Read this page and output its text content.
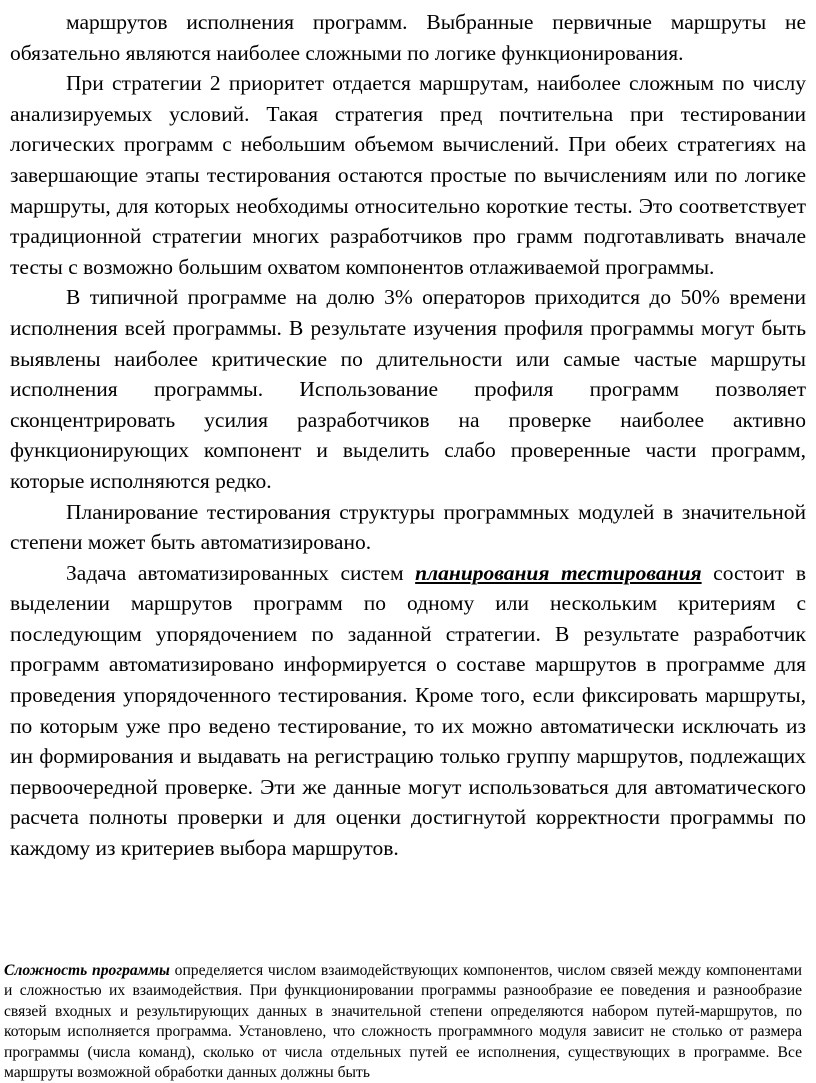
маршрутов исполнения программ. Выбранные первичные маршруты не обязательно являются наиболее сложными по логике функционирования.

При стратегии 2 приоритет отдается маршрутам, наиболее сложным по числу анализируемых условий. Такая стратегия пред почтительна при тестировании логических программ с небольшим объемом вычислений. При обеих стратегиях на завершающие этапы тестирования остаются простые по вычислениям или по логике маршруты, для которых необходимы относительно короткие тесты. Это соответствует традиционной стратегии многих разработчиков про грамм подготавливать вначале тесты с возможно большим охватом компонентов отлаживаемой программы.

В типичной программе на долю 3% операторов приходится до 50% времени исполнения всей программы. В результате изучения профиля программы могут быть выявлены наиболее критические по длительности или самые частые маршруты исполнения программы. Использование профиля программ позволяет сконцентрировать усилия разработчиков на проверке наиболее активно функционирующих компонент и выделить слабо проверенные части программ, которые исполняются редко.

Планирование тестирования структуры программных модулей в значительной степени может быть автоматизировано.

Задача автоматизированных систем планирования тестирования состоит в выделении маршрутов программ по одному или нескольким критериям с последующим упорядочением по заданной стратегии. В результате разработчик программ автоматизировано информируется о составе маршрутов в программе для проведения упорядоченного тестирования. Кроме того, если фиксировать маршруты, по которым уже про ведено тестирование, то их можно автоматически исключать из ин формирования и выдавать на регистрацию только группу маршрутов, подлежащих первоочередной проверке. Эти же данные могут использоваться для автоматического расчета полноты проверки и для оценки достигнутой корректности программы по каждому из критериев выбора маршрутов.

Сложность программы определяется числом взаимодействующих компонентов, числом связей между компонентами и сложностью их взаимодействия. При функционировании программы разнообразие ее поведения и разнообразие связей входных и результирующих данных в значительной степени определяются набором путей-маршрутов, по которым исполняется программа. Установлено, что сложность программного модуля зависит не столько от размера программы (числа команд), сколько от числа отдельных путей ее исполнения, существующих в программе. Все маршруты возможной обработки данных должны быть
